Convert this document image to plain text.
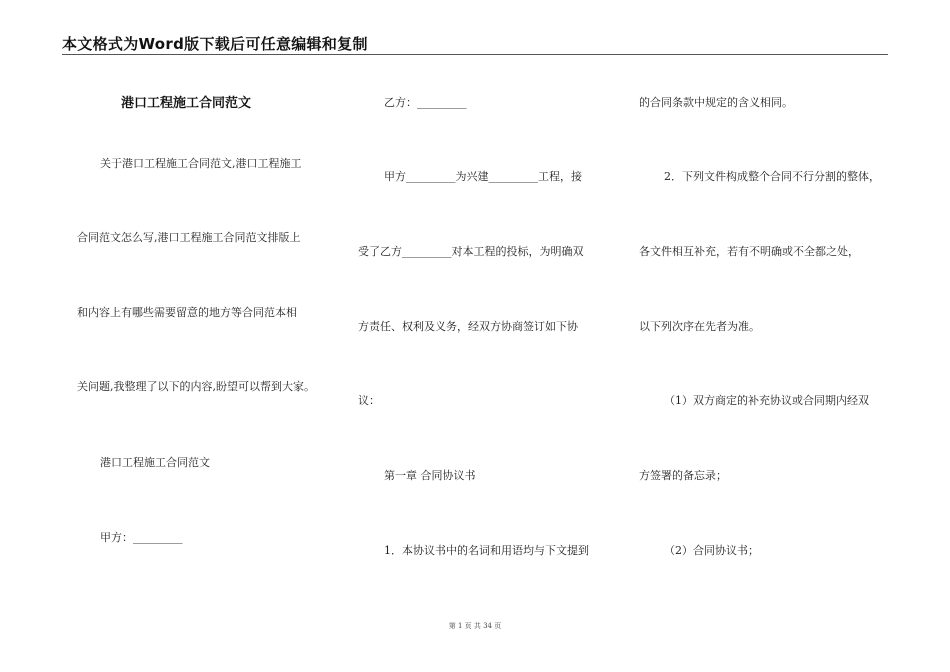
本文格式为Word版下载后可任意编辑和复制
港口工程施工合同范文
关于港口工程施工合同范文,港口工程施工
合同范文怎么写,港口工程施工合同范文排版上
和内容上有哪些需要留意的地方等合同范本相
关问题,我整理了以下的内容,盼望可以帮到大家。
港口工程施工合同范文
甲方：_________
乙方：_________
甲方_________为兴建_________工程，接
受了乙方_________对本工程的投标，为明确双
方责任、权利及义务，经双方协商签订如下协
议：
第一章 合同协议书
1．本协议书中的名词和用语均与下文提到
的合同条款中规定的含义相同。
2．下列文件构成整个合同不行分割的整体，
各文件相互补充，若有不明确或不全都之处，
以下列次序在先者为准。
（1）双方商定的补充协议或合同期内经双
方签署的备忘录；
（2）合同协议书；
第 1 页 共 34 页
